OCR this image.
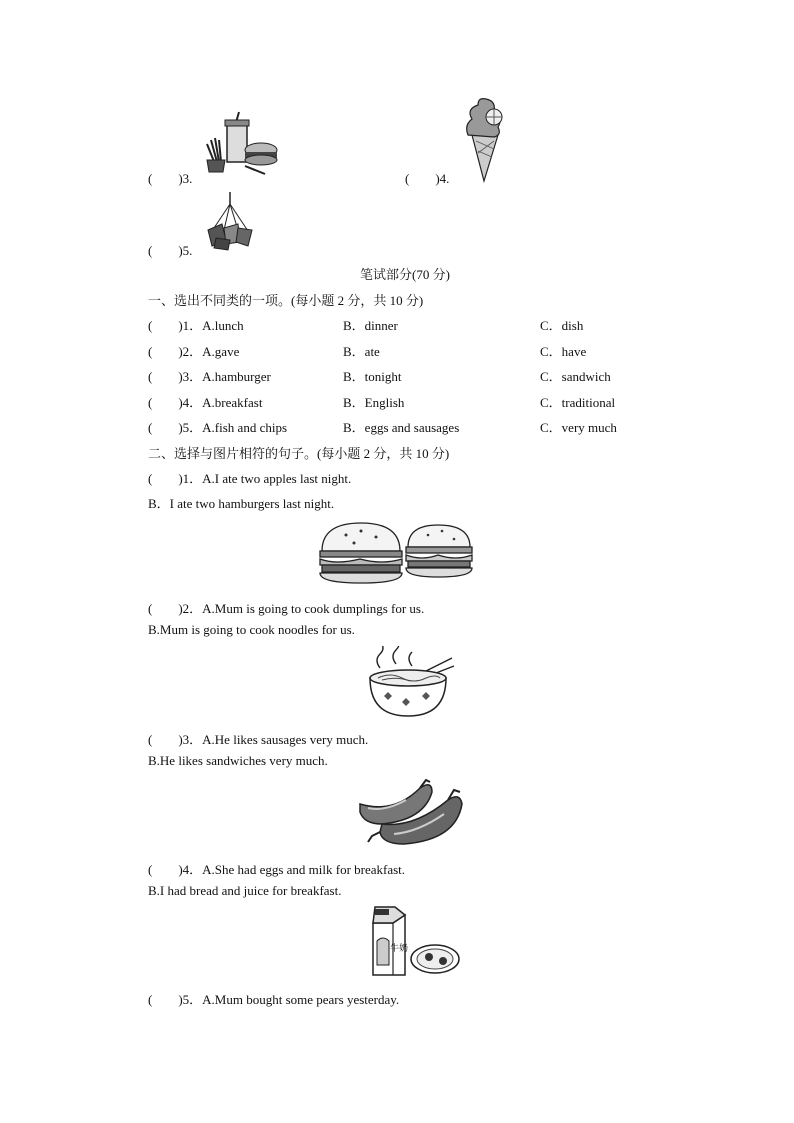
(　　)3.	(　　)4.
(　　)5.
笔试部分(70 分)
一、选出不同类的一项。(每小题 2 分，共 10 分)
(　　)1．A.lunch	B．dinner	C．dish
(　　)2．A.gave	B．ate	C．have
(　　)3．A.hamburger	B．tonight	C．sandwich
(　　)4．A.breakfast	B．English	C．traditional
(　　)5．A.fish and chips	B．eggs and sausages	C．very much
二、选择与图片相符的句子。(每小题 2 分，共 10 分)
(　　)1．A.I ate two apples last night.
B．I ate two hamburgers last night.
(　　)2．A.Mum is going to cook dumplings for us.
B.Mum is going to cook noodles for us.
(　　)3．A.He likes sausages very much.
B.He likes sandwiches very much.
(　　)4．A.She had eggs and milk for breakfast.
B.I had bread and juice for breakfast.
牛奶
(　　)5．A.Mum bought some pears yesterday.
